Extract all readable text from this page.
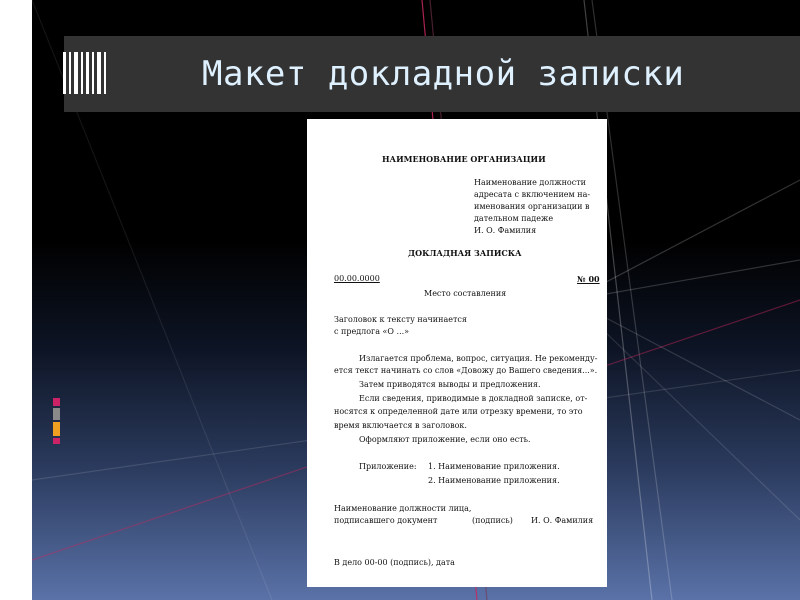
Макет докладной записки
НАИМЕНОВАНИЕ ОРГАНИЗАЦИИ
Наименование должности
адресата с включением на-
именования организации в
дательном падеже
И. О. Фамилия
ДОКЛАДНАЯ ЗАПИСКА
00.00.0000	№ 00
Место составления
Заголовок к тексту начинается
с предлога «О ...»
Излагается проблема, вопрос, ситуация. Не рекоменду-
ется текст начинать со слов «Довожу до Вашего сведения...».
Затем приводятся выводы и предложения.
Если сведения, приводимые в докладной записке, от-
носятся к определенной дате или отрезку времени, то это
время включается в заголовок.
Оформляют приложение, если оно есть.
Приложение: 1. Наименование приложения.
2. Наименование приложения.
Наименование должности лица,
подписавшего документ	(подпись) И. О. Фамилия
В дело 00-00 (подпись), дата
